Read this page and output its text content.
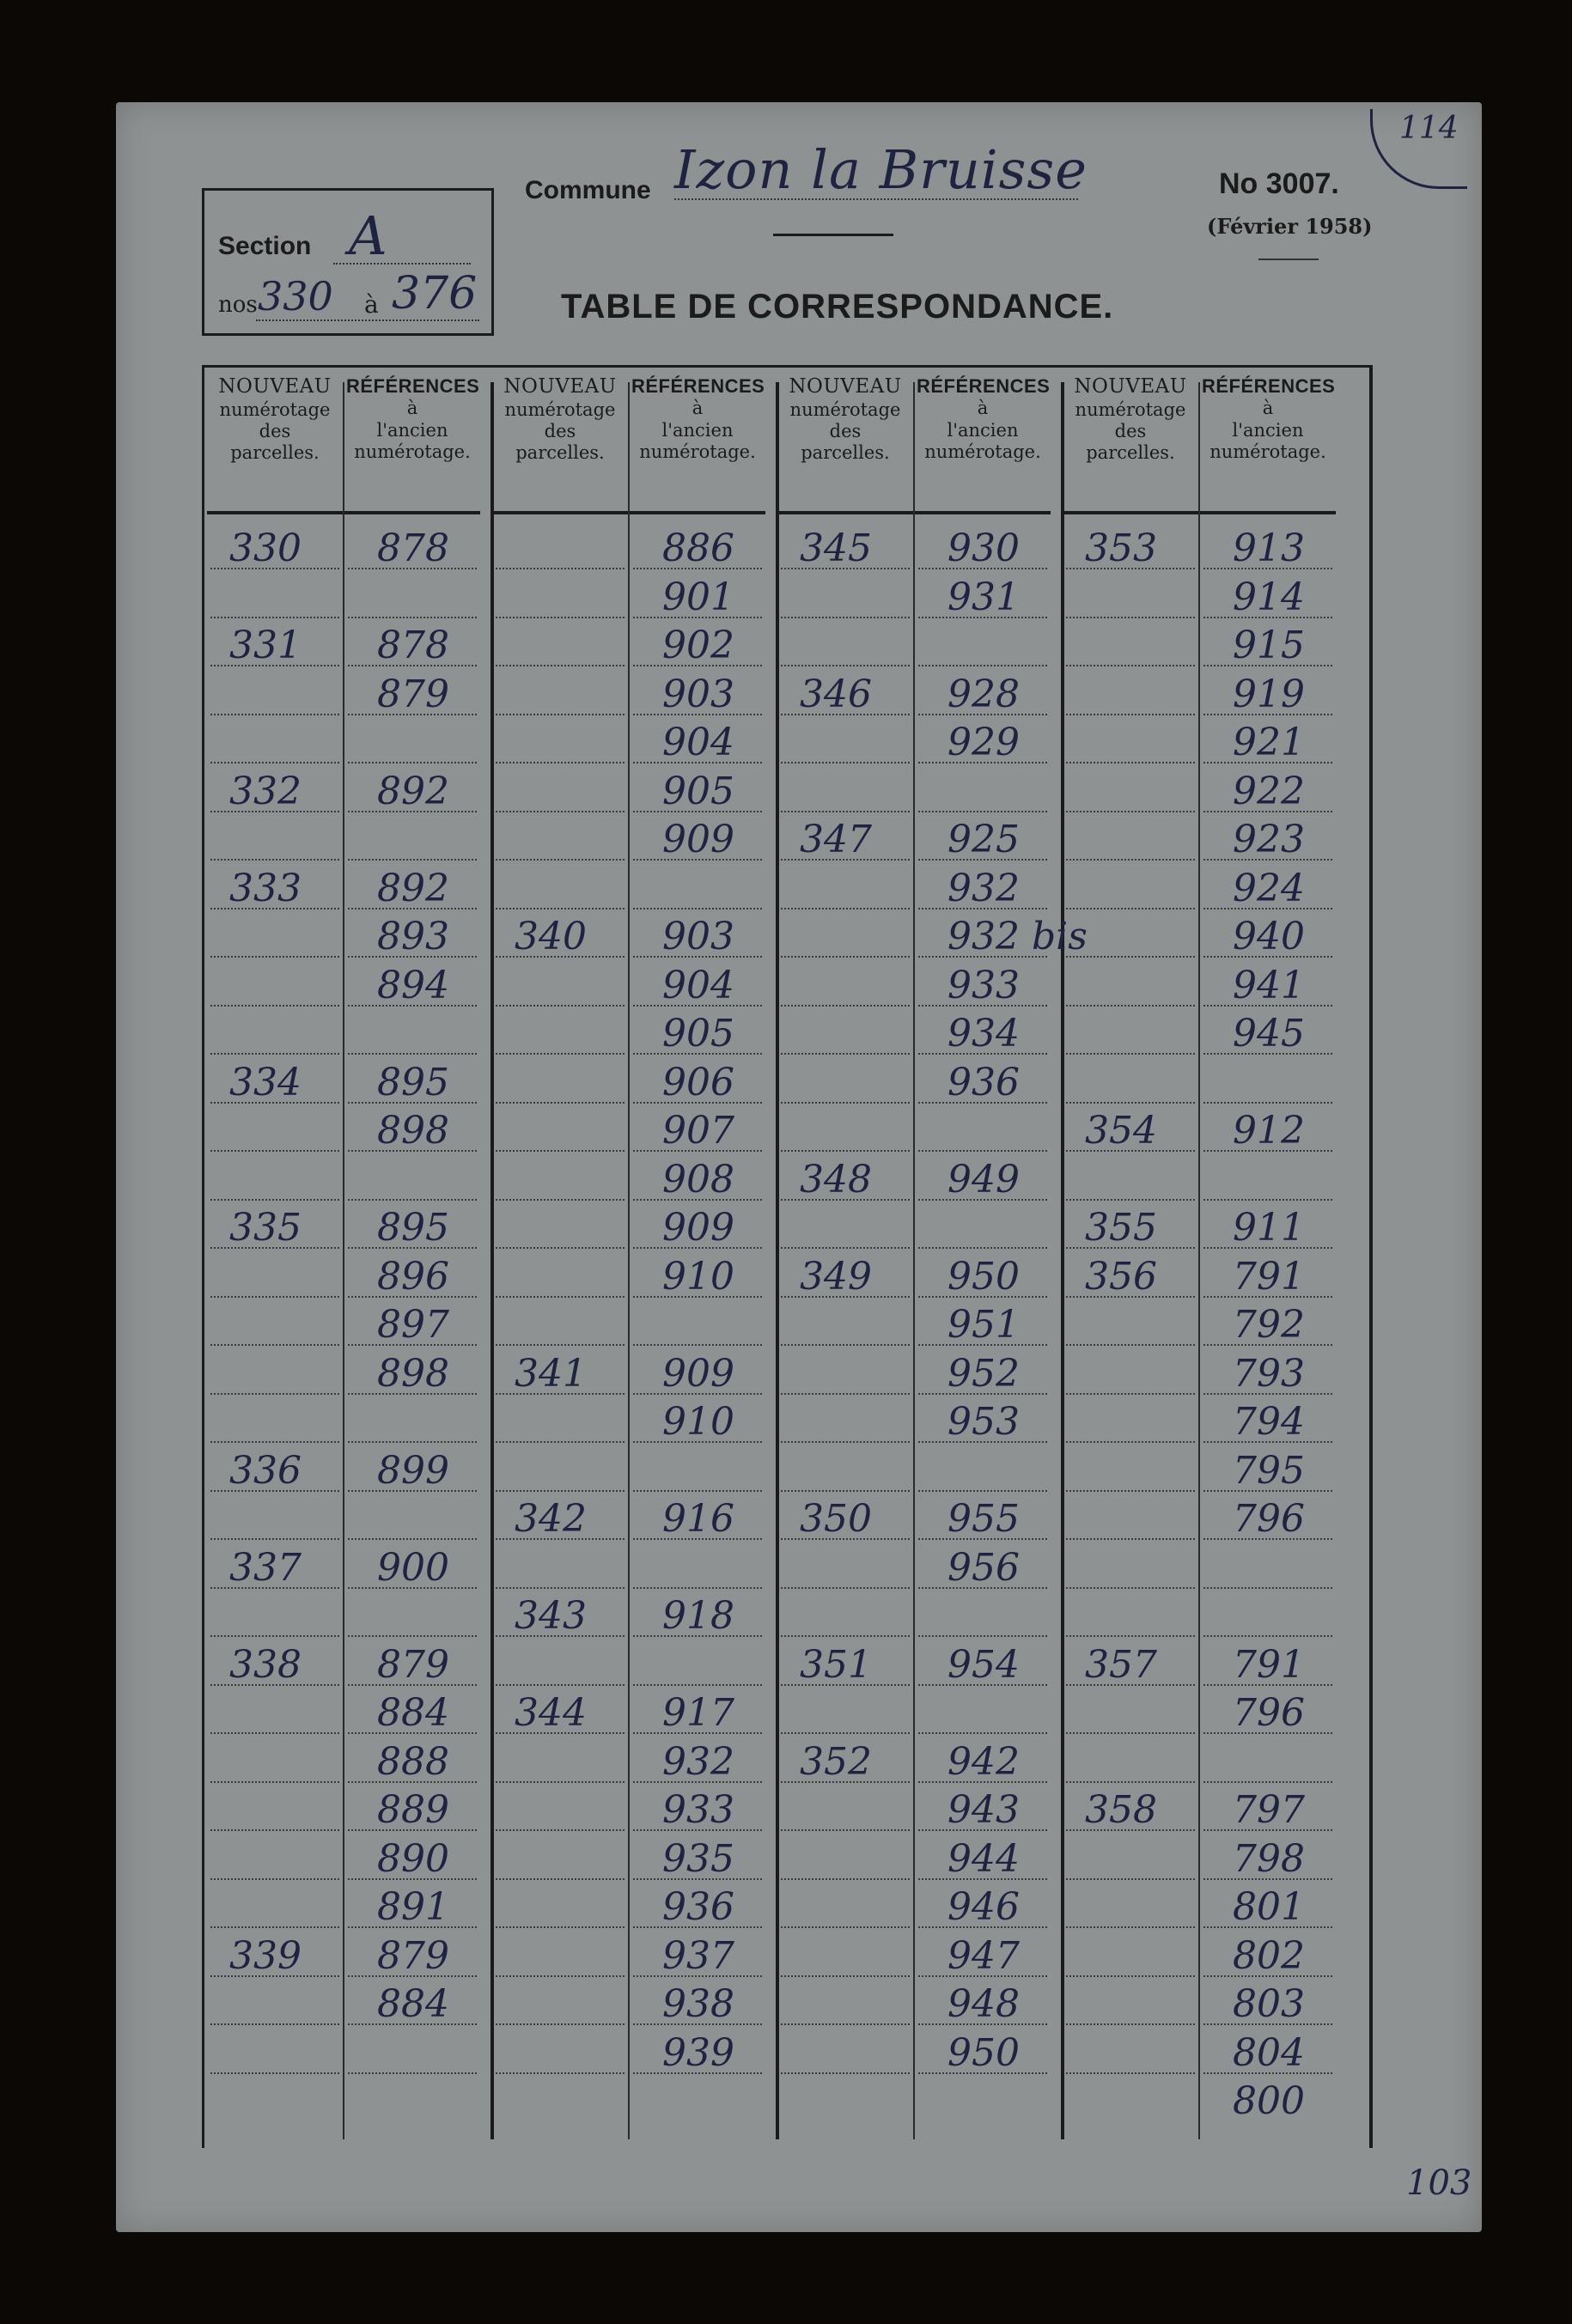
114
Section A
nos 330 à 376
Commune Izon la Bruisse	No 3007.
(Février 1958)
TABLE DE CORRESPONDANCE.
103
NOUVEAU
numérotage
des
parcelles.
RÉFÉRENCES
à
l'ancien
numérotage.
NOUVEAU
numérotage
des
parcelles.
RÉFÉRENCES
à
l'ancien
numérotage.
NOUVEAU
numérotage
des
parcelles.
RÉFÉRENCES
à
l'ancien
numérotage.
NOUVEAU
numérotage
des
parcelles.
RÉFÉRENCES
à
l'ancien
numérotage.
330
331
332
333
334
335
336
337
338
339
878
878
879
892
892
893
894
895
898
895
896
897
898
899
900
879
884
888
889
890
891
879
884
340
341
342
343
344
886
901
902
903
904
905
909
903
904
905
906
907
908
909
910
909
910
916
918
917
932
933
935
936
937
938
939
345
346
347
348
349
350
351
352
930
931
928
929
925
932
932 bis
933
934
936
949
950
951
952
953
955
956
954
942
943
944
946
947
948
950
353
354
355
356
357
358
913
914
915
919
921
922
923
924
940
941
945
912
911
791
792
793
794
795
796
791
796
797
798
801
802
803
804
800
